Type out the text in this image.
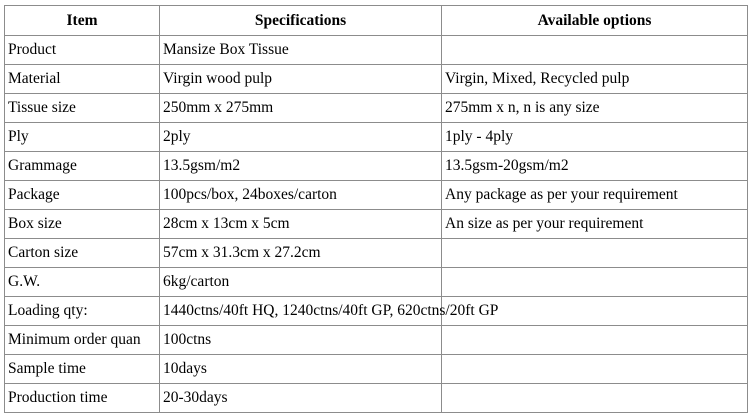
Item	Specifications	Available options
Product	Mansize Box Tissue	
Material	Virgin wood pulp	Virgin, Mixed, Recycled pulp
Tissue size	250mm x 275mm	275mm x n, n is any size
Ply	2ply	1ply - 4ply
Grammage	13.5gsm/m2	13.5gsm-20gsm/m2
Package	100pcs/box, 24boxes/carton	Any package as per your requirement
Box size	28cm x 13cm x 5cm	An size as per your requirement
Carton size	57cm x 31.3cm x 27.2cm	
G.W.	6kg/carton	
Loading qty:	1440ctns/40ft HQ, 1240ctns/40ft GP, 620ctns/20ft GP	
Minimum order quan	100ctns	
Sample time	10days	
Production time	20-30days	
